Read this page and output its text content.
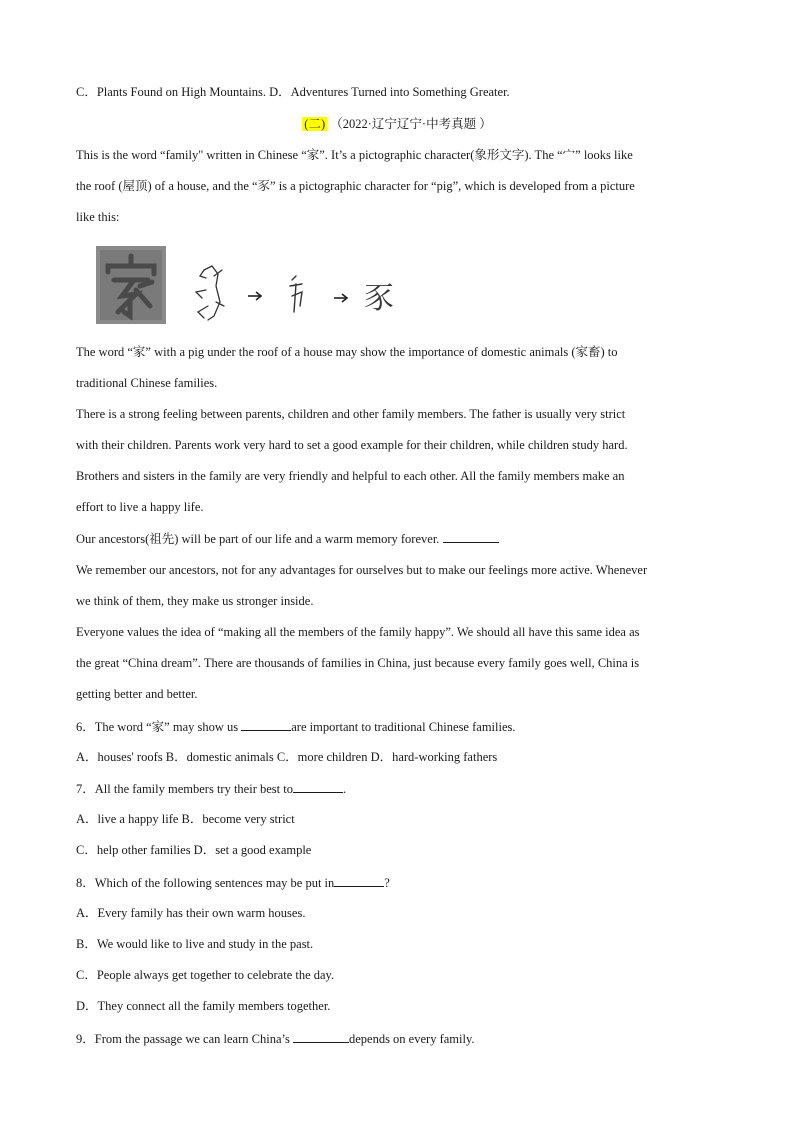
C．Plants Found on High Mountains. D．Adventures Turned into Something Greater.
(二) （2022·辽宁辽宁·中考真题 ）
This is the word “family" written in Chinese “家”. It’s a pictographic character(象形文字). The “宀” looks like
the roof (屋顶) of a house, and the “豕” is a pictographic character for “pig”, which is developed from a picture
like this:
豕
The word “家” with a pig under the roof of a house may show the importance of domestic animals (家畜) to
traditional Chinese families.
There is a strong feeling between parents, children and other family members. The father is usually very strict
with their children. Parents work very hard to set a good example for their children, while children study hard.
Brothers and sisters in the family are very friendly and helpful to each other. All the family members make an
effort to live a happy life.
Our ancestors(祖先) will be part of our life and a warm memory forever.
We remember our ancestors, not for any advantages for ourselves but to make our feelings more active. Whenever
we think of them, they make us stronger inside.
Everyone values the idea of “making all the members of the family happy”. We should all have this same idea as
the great “China dream”. There are thousands of families in China, just because every family goes well, China is
getting better and better.
6．The word “家” may show us	are important to traditional Chinese families.
A．houses' roofs B．domestic animals C．more children D．hard-working fathers
7．All the family members try their best to	.
A．live a happy life B．become very strict
C．help other families D．set a good example
8．Which of the following sentences may be put in	?
A．Every family has their own warm houses.
B．We would like to live and study in the past.
C．People always get together to celebrate the day.
D．They connect all the family members together.
9．From the passage we can learn China’s	depends on every family.
